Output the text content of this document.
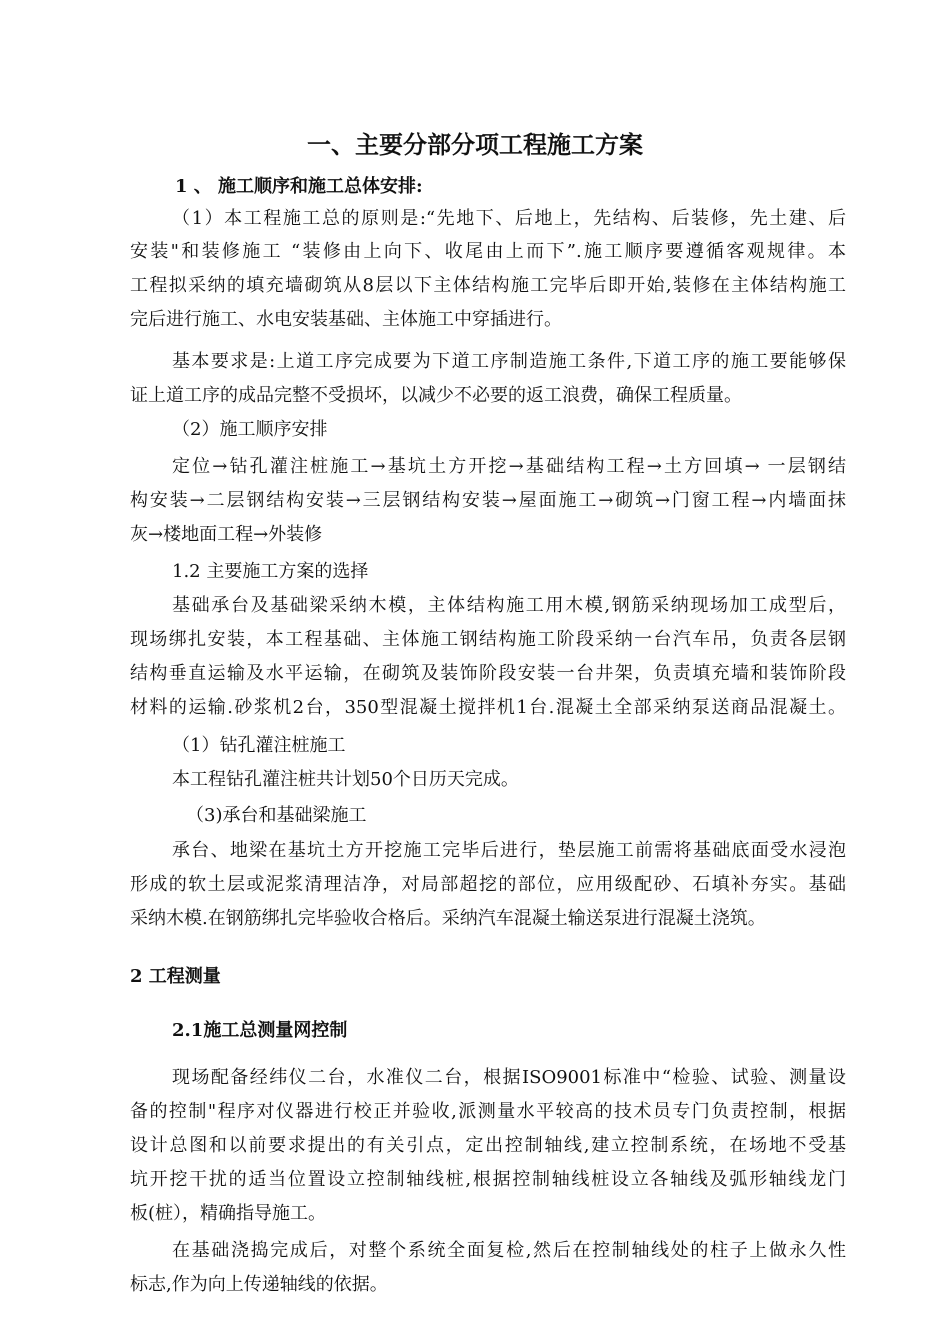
一、主要分部分项工程施工方案
1 、 施工顺序和施工总体安排:
（1）本工程施工总的原则是:“先地下、后地上，先结构、后装修，先土建、后
安装"和装修施工 “装修由上向下、收尾由上而下”.施工顺序要遵循客观规律。本
工程拟采纳的填充墙砌筑从8层以下主体结构施工完毕后即开始,装修在主体结构施工
完后进行施工、水电安装基础、主体施工中穿插进行。
基本要求是:上道工序完成要为下道工序制造施工条件,下道工序的施工要能够保
证上道工序的成品完整不受损坏，以减少不必要的返工浪费，确保工程质量。
（2）施工顺序安排
定位→钻孔灌注桩施工→基坑土方开挖→基础结构工程→土方回填→ 一层钢结
构安装→二层钢结构安装→三层钢结构安装→屋面施工→砌筑→门窗工程→内墙面抹
灰→楼地面工程→外装修
1.2 主要施工方案的选择
基础承台及基础梁采纳木模，主体结构施工用木模,钢筋采纳现场加工成型后，
现场绑扎安装，本工程基础、主体施工钢结构施工阶段采纳一台汽车吊，负责各层钢
结构垂直运输及水平运输，在砌筑及装饰阶段安装一台井架，负责填充墙和装饰阶段
材料的运输.砂浆机2台，350型混凝土搅拌机1台.混凝土全部采纳泵送商品混凝土。
（1）钻孔灌注桩施工
本工程钻孔灌注桩共计划50个日历天完成。
（3)承台和基础梁施工
承台、地梁在基坑土方开挖施工完毕后进行，垫层施工前需将基础底面受水浸泡
形成的软土层或泥浆清理洁净，对局部超挖的部位，应用级配砂、石填补夯实。基础
采纳木模.在钢筋绑扎完毕验收合格后。采纳汽车混凝土输送泵进行混凝土浇筑。
2 工程测量
2.1施工总测量网控制
现场配备经纬仪二台，水准仪二台，根据ISO9001标准中“检验、试验、测量设
备的控制"程序对仪器进行校正并验收,派测量水平较高的技术员专门负责控制，根据
设计总图和以前要求提出的有关引点，定出控制轴线,建立控制系统，在场地不受基
坑开挖干扰的适当位置设立控制轴线桩,根据控制轴线桩设立各轴线及弧形轴线龙门
板(桩），精确指导施工。
在基础浇捣完成后，对整个系统全面复检,然后在控制轴线处的柱子上做永久性
标志,作为向上传递轴线的依据。
